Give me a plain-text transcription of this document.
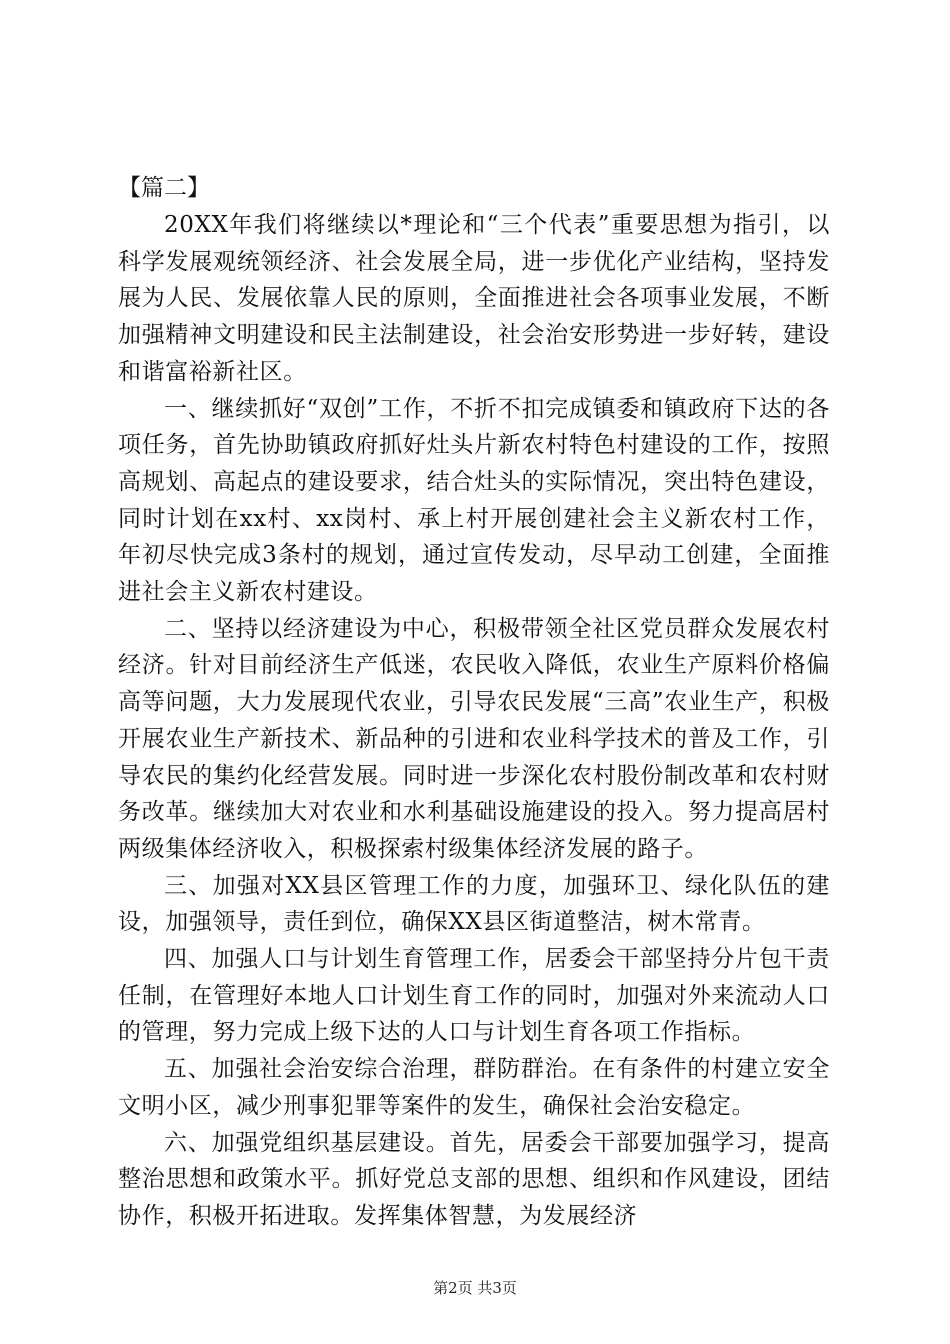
【篇二】

20XX年我们将继续以*理论和“三个代表”重要思想为指引，以科学发展观统领经济、社会发展全局，进一步优化产业结构，坚持发展为人民、发展依靠人民的原则，全面推进社会各项事业发展，不断加强精神文明建设和民主法制建设，社会治安形势进一步好转，建设和谐富裕新社区。

一、继续抓好“双创”工作，不折不扣完成镇委和镇政府下达的各项任务，首先协助镇政府抓好灶头片新农村特色村建设的工作，按照高规划、高起点的建设要求，结合灶头的实际情况，突出特色建设，同时计划在xx村、xx岗村、承上村开展创建社会主义新农村工作，年初尽快完成3条村的规划，通过宣传发动，尽早动工创建，全面推进社会主义新农村建设。

二、坚持以经济建设为中心，积极带领全社区党员群众发展农村经济。针对目前经济生产低迷，农民收入降低，农业生产原料价格偏高等问题，大力发展现代农业，引导农民发展“三高”农业生产，积极开展农业生产新技术、新品种的引进和农业科学技术的普及工作，引导农民的集约化经营发展。同时进一步深化农村股份制改革和农村财务改革。继续加大对农业和水利基础设施建设的投入。努力提高居村两级集体经济收入，积极探索村级集体经济发展的路子。

三、加强对XX县区管理工作的力度，加强环卫、绿化队伍的建设，加强领导，责任到位，确保XX县区街道整洁，树木常青。

四、加强人口与计划生育管理工作，居委会干部坚持分片包干责任制，在管理好本地人口计划生育工作的同时，加强对外来流动人口的管理，努力完成上级下达的人口与计划生育各项工作指标。

五、加强社会治安综合治理，群防群治。在有条件的村建立安全文明小区，减少刑事犯罪等案件的发生，确保社会治安稳定。

六、加强党组织基层建设。首先，居委会干部要加强学习，提高整治思想和政策水平。抓好党总支部的思想、组织和作风建设，团结协作，积极开拓进取。发挥集体智慧，为发展经济

第2页 共3页
